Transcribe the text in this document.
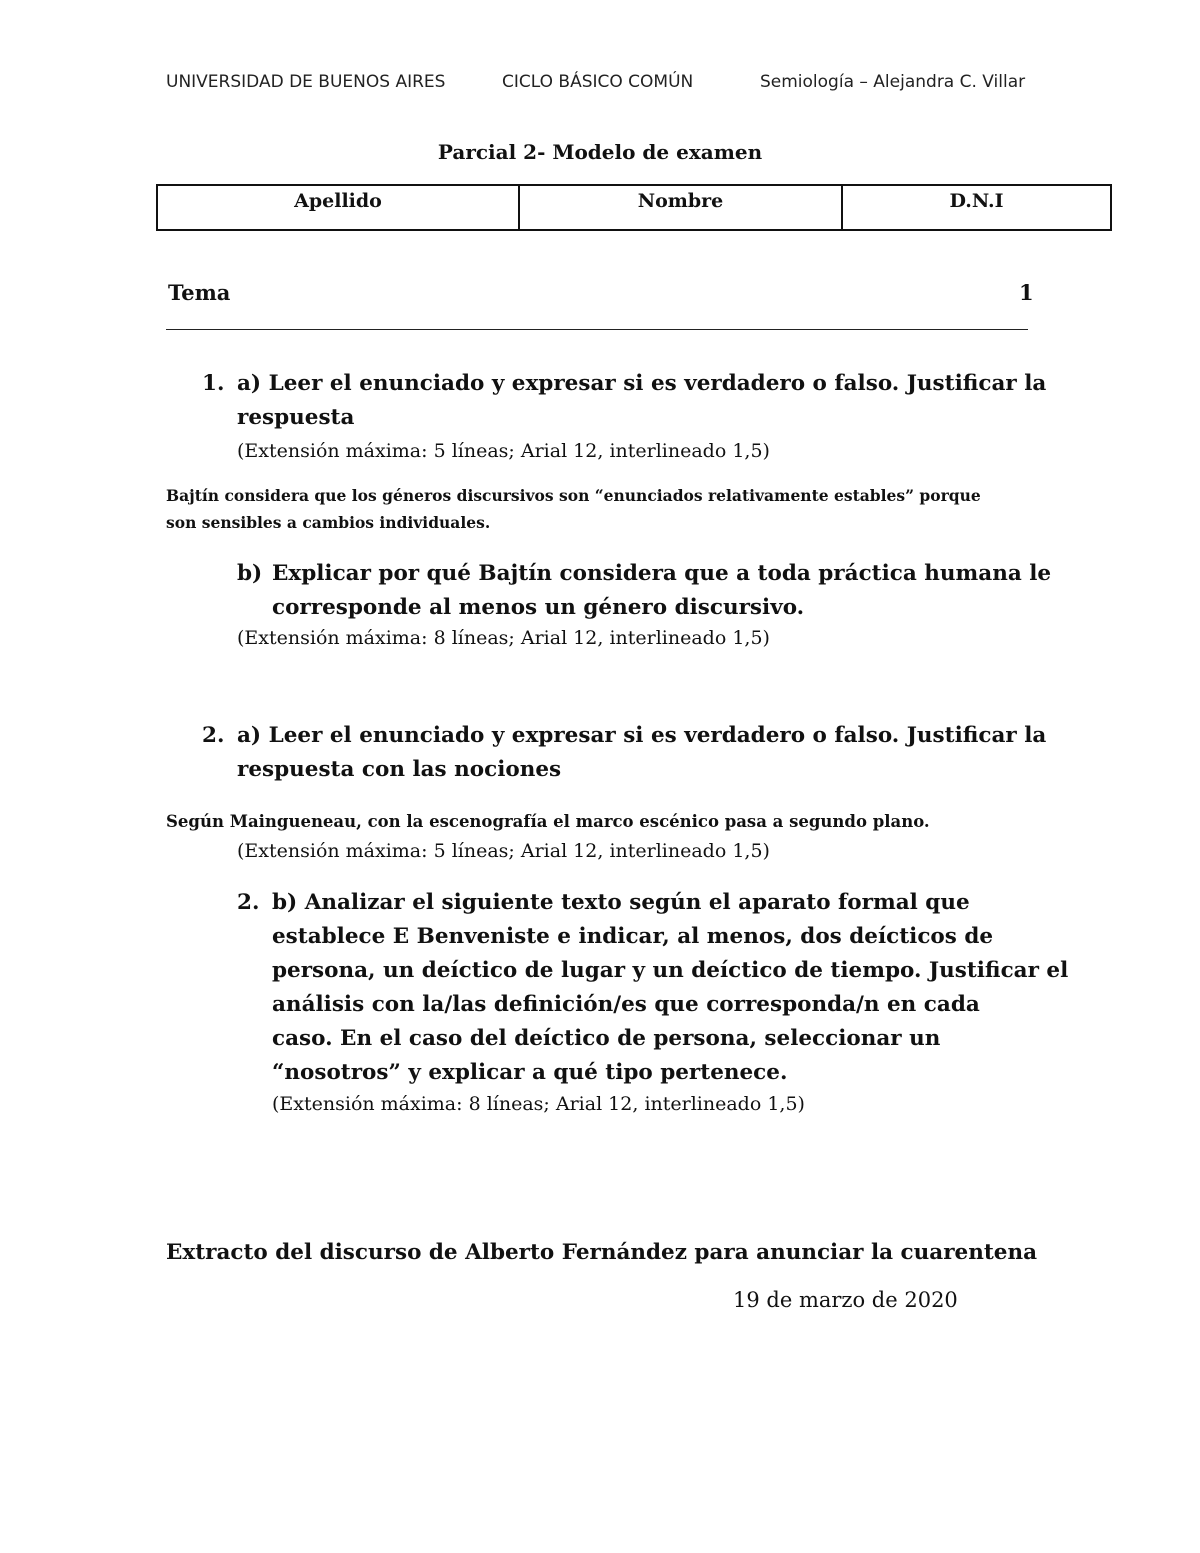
UNIVERSIDAD DE BUENOS AIRES	CICLO BÁSICO COMÚN	Semiología – Alejandra C. Villar
Parcial 2- Modelo de examen
Apellido	Nombre	D.N.I
Tema	1
1. a) Leer el enunciado y expresar si es verdadero o falso. Justificar la
respuesta
(Extensión máxima: 5 líneas; Arial 12, interlineado 1,5)
Bajtín considera que los géneros discursivos son “enunciados relativamente estables” porque
son sensibles a cambios individuales.
b) Explicar por qué Bajtín considera que a toda práctica humana le
corresponde al menos un género discursivo.
(Extensión máxima: 8 líneas; Arial 12, interlineado 1,5)
2. a) Leer el enunciado y expresar si es verdadero o falso. Justificar la
respuesta con las nociones
Según Maingueneau, con la escenografía el marco escénico pasa a segundo plano.
(Extensión máxima: 5 líneas; Arial 12, interlineado 1,5)
2. b) Analizar el siguiente texto según el aparato formal que
establece E Benveniste e indicar, al menos, dos deícticos de
persona, un deíctico de lugar y un deíctico de tiempo. Justificar el
análisis con la/las definición/es que corresponda/n en cada
caso. En el caso del deíctico de persona, seleccionar un
“nosotros” y explicar a qué tipo pertenece.
(Extensión máxima: 8 líneas; Arial 12, interlineado 1,5)
Extracto del discurso de Alberto Fernández para anunciar la cuarentena
19 de marzo de 2020
